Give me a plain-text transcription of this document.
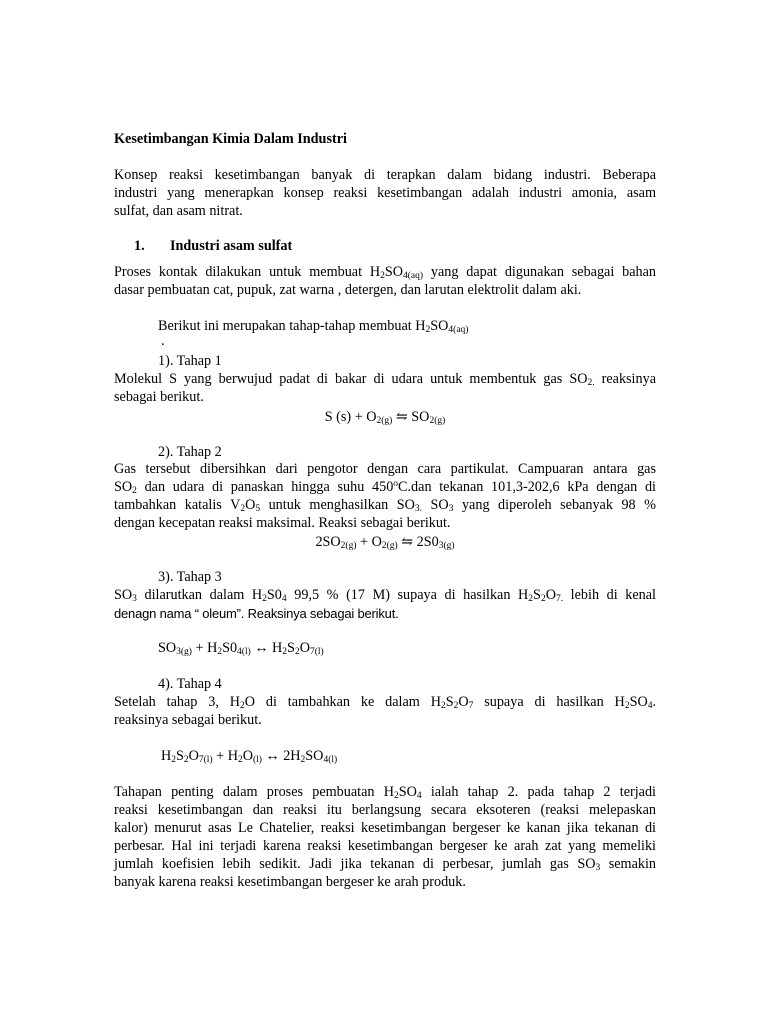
Kesetimbangan Kimia Dalam Industri
Konsep reaksi kesetimbangan banyak di terapkan dalam bidang industri. Beberapa
industri yang menerapkan konsep reaksi kesetimbangan adalah industri amonia, asam
sulfat, dan asam nitrat.
1. Industri asam sulfat
Proses kontak dilakukan untuk membuat $H_2SO_{4(aq)}$ yang dapat digunakan sebagai bahan
dasar pembuatan cat, pupuk, zat warna , detergen, dan larutan elektrolit dalam aki.
Berikut ini merupakan tahap-tahap membuat $H_2SO_{4(aq)}$
.
1). Tahap 1
Molekul S yang berwujud padat di bakar di udara untuk membentuk gas $SO_{2.}$ reaksinya
sebagai berikut.
S $(s) + O_{2(g)}$ ⇋ $SO_{2(g)}$
2). Tahap 2
Gas tersebut dibersihkan dari pengotor dengan cara partikulat. Campuaran antara gas
$SO_2$ dan udara di panaskan hingga suhu 450$^o$C.dan tekanan 101,3-202,6 kPa dengan di
tambahkan katalis $V_2O_5$ untuk menghasilkan $SO_{3.}$ $SO_3$ yang diperoleh sebanyak 98 %
dengan kecepatan reaksi maksimal. Reaksi sebagai berikut.
$2SO_{2(g)} + O_{2(g)}$ ⇋ $2S0_{3(g)}$
3). Tahap 3
$SO_3$ dilarutkan dalam $H_2S0_4$ 99,5 % (17 M) supaya di hasilkan $H_2S_2O_{7.}$ lebih di kenal
denagn nama “ oleum”. Reaksinya sebagai berikut.
$SO_{3(g)} + H_2S0_{4(l)}$ ↔ $H_2S_2O_{7(l)}$
4). Tahap 4
Setelah tahap 3, $H_2O$ di tambahkan ke dalam $H_2S_2O_7$ supaya di hasilkan $H_2SO_4$.
reaksinya sebagai berikut.
$H_2S_2O_{7(l)} + H_2O_{(l)}$ ↔ $2H_2SO_{4(l)}$
Tahapan penting dalam proses pembuatan $H_2SO_4$ ialah tahap 2. pada tahap 2 terjadi
reaksi kesetimbangan dan reaksi itu berlangsung secara eksoteren (reaksi melepaskan
kalor) menurut asas Le Chatelier, reaksi kesetimbangan bergeser ke kanan jika tekanan di
perbesar. Hal ini terjadi karena reaksi kesetimbangan bergeser ke arah zat yang memeliki
jumlah koefisien lebih sedikit. Jadi jika tekanan di perbesar, jumlah gas $SO_3$ semakin
banyak karena reaksi kesetimbangan bergeser ke arah produk.
